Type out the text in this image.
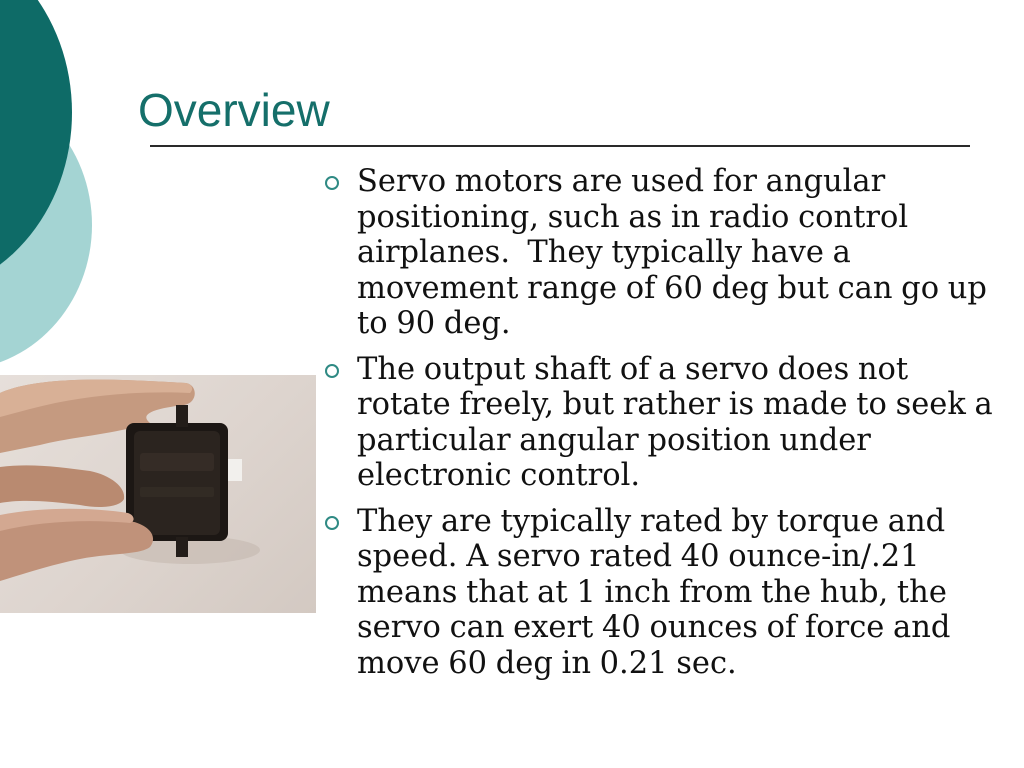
Overview
Servo motors are used for angular positioning, such as in radio control airplanes.  They typically have a movement range of 60 deg but can go up to 90 deg.
The output shaft of a servo does not rotate freely, but rather is made to seek a particular angular position under electronic control.
They are typically rated by torque and speed. A servo rated 40 ounce-in/.21 means that at 1 inch from the hub, the servo can exert 40 ounces of force and move 60 deg in 0.21 sec.
